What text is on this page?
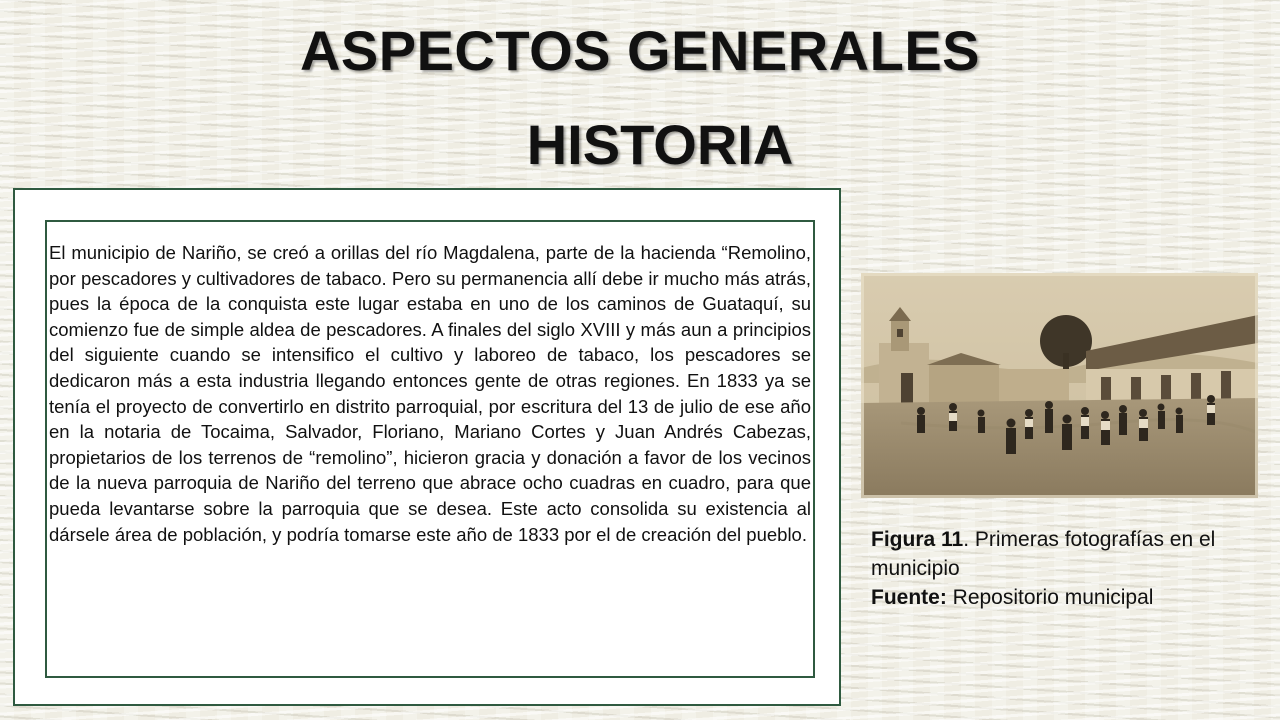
ASPECTOS GENERALES
HISTORIA

El municipio de Nariño, se creó a orillas del río Magdalena, parte de la hacienda “Remolino, por pescadores y cultivadores de tabaco. Pero su permanencia allí debe ir mucho más atrás, pues la época de la conquista este lugar estaba en uno de los caminos de Guataquí, su comienzo fue de simple aldea de pescadores. A finales del siglo XVIII y más aun a principios del siguiente cuando se intensifico el cultivo y laboreo de tabaco, los pescadores se dedicaron más a esta industria llegando entonces gente de otras regiones. En 1833 ya se tenía el proyecto de convertirlo en distrito parroquial, por escritura del 13 de julio de ese año en la notaria de Tocaima, Salvador, Floriano, Mariano Cortes y Juan Andrés Cabezas, propietarios de los terrenos de “remolino”, hicieron gracia y donación a favor de los vecinos de la nueva parroquia de Nariño del terreno que abrace ocho cuadras en cuadro, para que pueda levantarse sobre la parroquia que se desea. Este acto consolida su existencia al dársele área de población, y podría tomarse este año de 1833 por el de creación del pueblo.	Figura 11. Primeras fotografías en el municipio
Fuente: Repositorio municipal
